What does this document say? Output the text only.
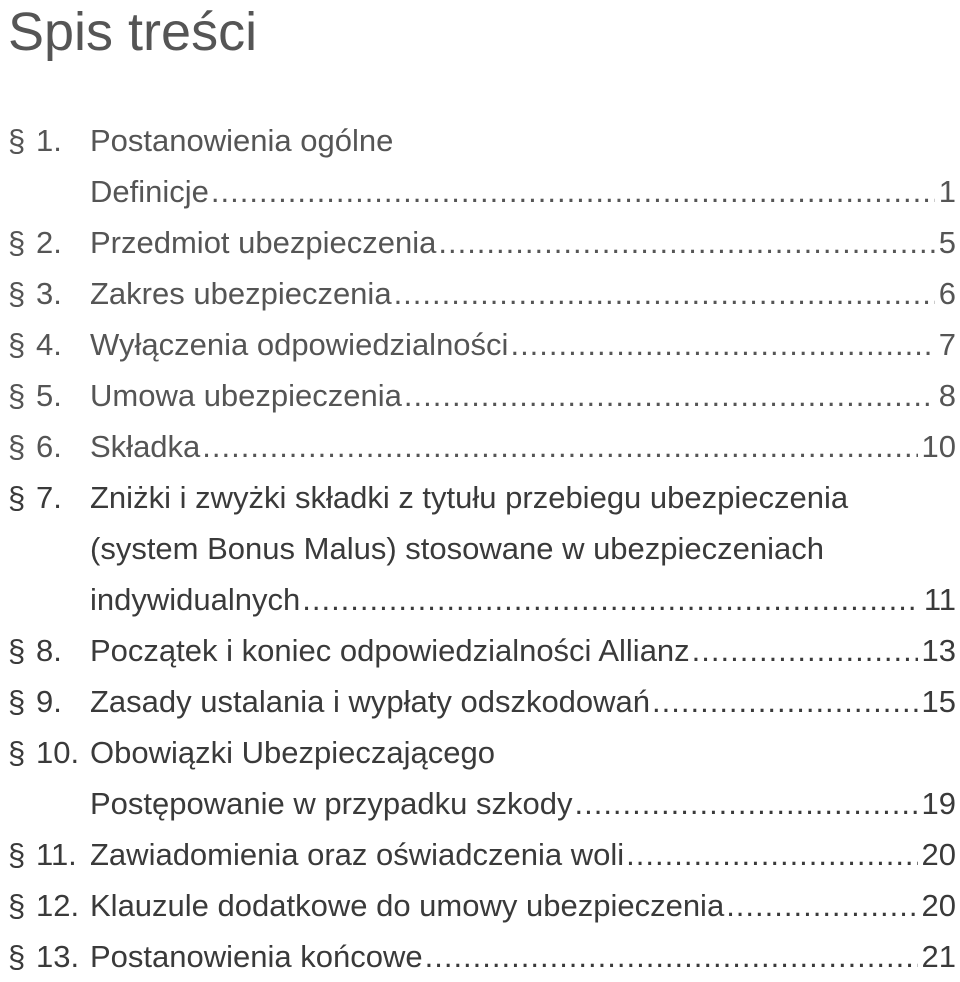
Spis treści
§ 1. Postanowienia ogólne
Definicje .....	1
§ 2. Przedmiot ubezpieczenia .....	5
§ 3. Zakres ubezpieczenia .....	6
§ 4. Wyłączenia odpowiedzialności .....	7
§ 5. Umowa ubezpieczenia .....	8
§ 6. Składka .....	10
§ 7. Zniżki i zwyżki składki z tytułu przebiegu ubezpieczenia
(system Bonus Malus) stosowane w ubezpieczeniach
indywidualnych .....	11
§ 8. Początek i koniec odpowiedzialności Allianz .....	13
§ 9. Zasady ustalania i wypłaty odszkodowań .....	15
§ 10. Obowiązki Ubezpieczającego
Postępowanie w przypadku szkody .....	19
§ 11. Zawiadomienia oraz oświadczenia woli .....	20
§ 12. Klauzule dodatkowe do umowy ubezpieczenia .....	20
§ 13. Postanowienia końcowe .....	21
